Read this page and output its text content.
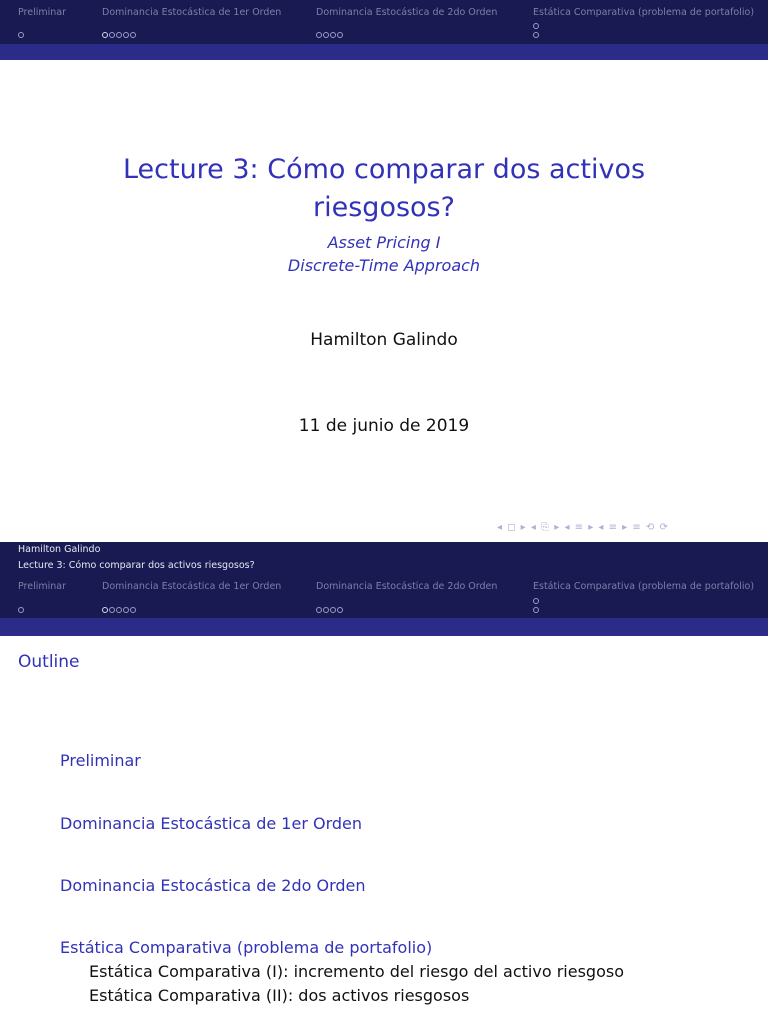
Preliminar	Dominancia Estocástica de 1er Orden	Dominancia Estocástica de 2do Orden	Estática Comparativa (problema de portafolio)
Lecture 3: Cómo comparar dos activos
riesgosos?
Asset Pricing I
Discrete-Time Approach
Hamilton Galindo
11 de junio de 2019
◂ ◻ ▸ ◂ ⎘ ▸ ◂ ≡ ▸ ◂ ≡ ▸ ≡ ⟲ ⟳
Hamilton Galindo
Lecture 3: Cómo comparar dos activos riesgosos?
Preliminar	Dominancia Estocástica de 1er Orden	Dominancia Estocástica de 2do Orden	Estática Comparativa (problema de portafolio)
Outline
Preliminar
Dominancia Estocástica de 1er Orden
Dominancia Estocástica de 2do Orden
Estática Comparativa (problema de portafolio)
Estática Comparativa (I): incremento del riesgo del activo riesgoso
Estática Comparativa (II): dos activos riesgosos
